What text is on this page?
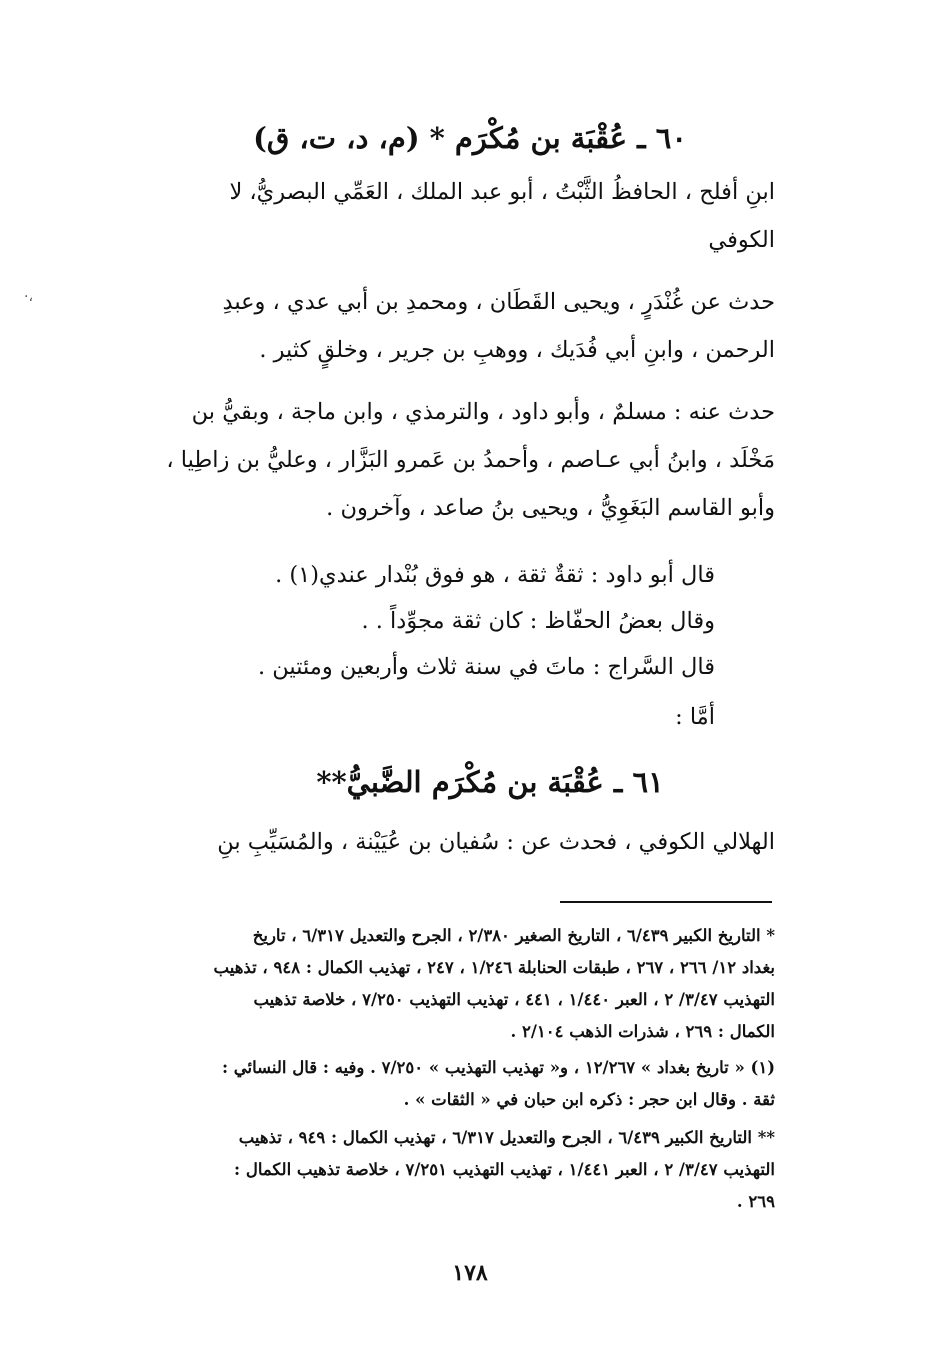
٦٠ ـ عُقْبَة بن مُكْرَم * (م، د، ت، ق)
ابنِ أفلح ، الحافظُ الثَّبْتُ ، أبو عبد الملك ، العَمِّي البصريُّ، لا
الكوفي
حدث عن غُنْدَرٍ ، ويحيى القَطَان ، ومحمدِ بن أبي عدي ، وعبدِ
الرحمن ، وابنِ أبي فُدَيك ، ووهبِ بن جرير ، وخلقٍ كثير .
حدث عنه : مسلمٌ ، وأبو داود ، والترمذي ، وابن ماجة ، وبقيُّ بن
مَخْلَد ، وابنُ أبي عـاصم ، وأحمدُ بن عَمرو البَزَّار ، وعليُّ بن زاطِيا ،
وأبو القاسم البَغَوِيُّ ، ويحيى بنُ صاعد ، وآخرون .
قال أبو داود : ثقةٌ ثقة ، هو فوق بُنْدار عندي(١) .
وقال بعضُ الحفّاظ : كان ثقة مجوِّداً . .
قال السَّراج : ماتَ في سنة ثلاث وأربعين ومئتين .
أمَّا :
٦١ ـ عُقْبَة بن مُكْرَم الضَّبيُّ**
الهلالي الكوفي ، فحدث عن : سُفيان بن عُيَيْنة ، والمُسَيِّبِ بنِ
* التاريخ الكبير ٦/٤٣٩ ، التاريخ الصغير ٢/٣٨٠ ، الجرح والتعديل ٦/٣١٧ ، تاريخ
بغداد ١٢/ ٢٦٦ ، ٢٦٧ ، طبقات الحنابلة ١/٢٤٦ ، ٢٤٧ ، تهذيب الكمال : ٩٤٨ ، تذهيب
التهذيب ٣/٤٧/ ٢ ، العبر ١/٤٤٠ ، ٤٤١ ، تهذيب التهذيب ٧/٢٥٠ ، خلاصة تذهيب
الكمال : ٢٦٩ ، شذرات الذهب ٢/١٠٤ .
(١) « تاريخ بغداد » ١٢/٢٦٧ ، و« تهذيب التهذيب » ٧/٢٥٠ . وفيه : قال النسائي :
ثقة . وقال ابن حجر : ذكره ابن حبان في « الثقات » .
** التاريخ الكبير ٦/٤٣٩ ، الجرح والتعديل ٦/٣١٧ ، تهذيب الكمال : ٩٤٩ ، تذهيب
التهذيب ٣/٤٧/ ٢ ، العبر ١/٤٤١ ، تهذيب التهذيب ٧/٢٥١ ، خلاصة تذهيب الكمال :
٢٦٩ .
١٧٨
،·
